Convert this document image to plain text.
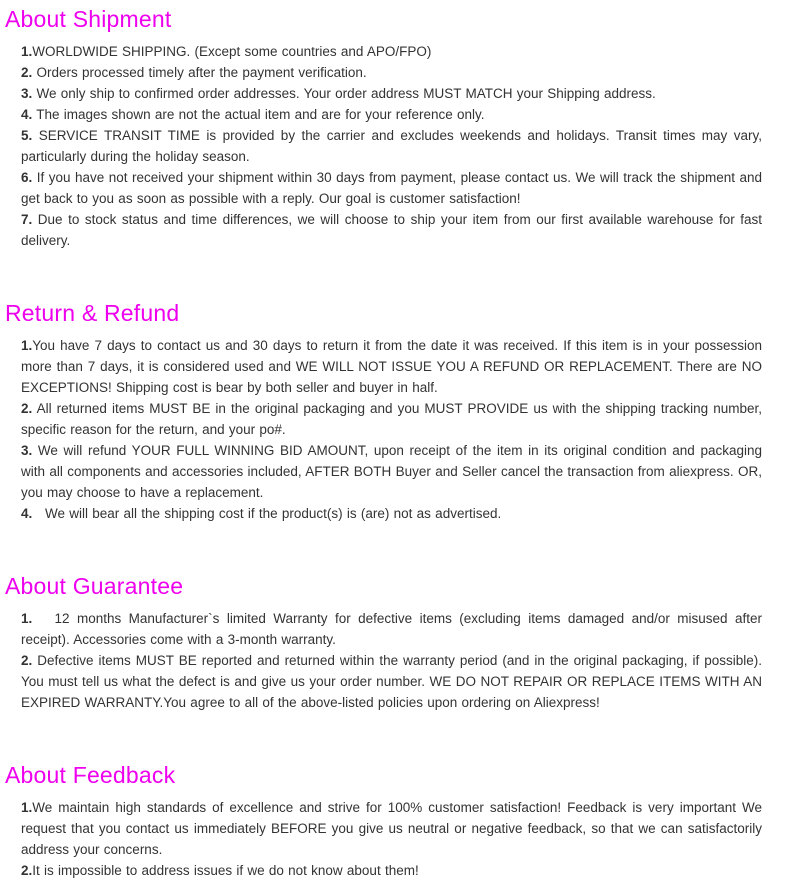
About Shipment

1.WORLDWIDE SHIPPING. (Except some countries and APO/FPO)

2. Orders processed timely after the payment verification.

3. We only ship to confirmed order addresses. Your order address MUST MATCH your Shipping address.

4. The images shown are not the actual item and are for your reference only.

5. SERVICE TRANSIT TIME is provided by the carrier and excludes weekends and holidays. Transit times may vary, particularly during the holiday season.

6. If you have not received your shipment within 30 days from payment, please contact us. We will track the shipment and get back to you as soon as possible with a reply. Our goal is customer satisfaction!

7. Due to stock status and time differences, we will choose to ship your item from our first available warehouse for fast delivery.

Return & Refund

1.You have 7 days to contact us and 30 days to return it from the date it was received. If this item is in your possession more than 7 days, it is considered used and WE WILL NOT ISSUE YOU A REFUND OR REPLACEMENT. There are NO EXCEPTIONS! Shipping cost is bear by both seller and buyer in half.

2. All returned items MUST BE in the original packaging and you MUST PROVIDE us with the shipping tracking number, specific reason for the return, and your po#.

3. We will refund YOUR FULL WINNING BID AMOUNT, upon receipt of the item in its original condition and packaging with all components and accessories included, AFTER BOTH Buyer and Seller cancel the transaction from aliexpress. OR, you may choose to have a replacement.

4.   We will bear all the shipping cost if the product(s) is (are) not as advertised.

About Guarantee

1.   12 months Manufacturer`s limited Warranty for defective items (excluding items damaged and/or misused after receipt). Accessories come with a 3-month warranty.

2. Defective items MUST BE reported and returned within the warranty period (and in the original packaging, if possible). You must tell us what the defect is and give us your order number. WE DO NOT REPAIR OR REPLACE ITEMS WITH AN EXPIRED WARRANTY.You agree to all of the above-listed policies upon ordering on Aliexpress!

About Feedback

1.We maintain high standards of excellence and strive for 100% customer satisfaction! Feedback is very important We request that you contact us immediately BEFORE you give us neutral or negative feedback, so that we can satisfactorily address your concerns.

2.It is impossible to address issues if we do not know about them!
